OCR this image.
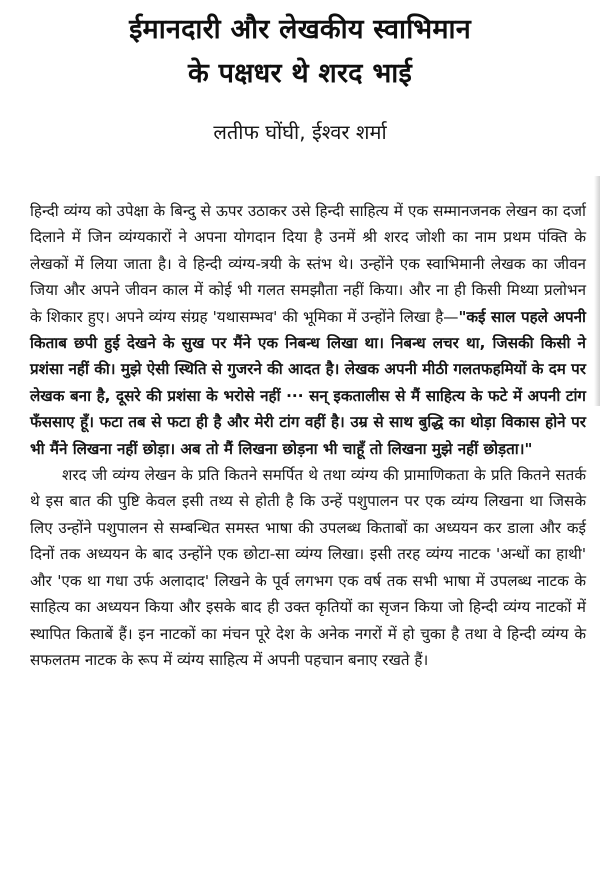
ईमानदारी और लेखकीय स्वाभिमान
के पक्षधर थे शरद भाई
लतीफ घोंघी, ईश्वर शर्मा

हिन्दी व्यंग्य को उपेक्षा के बिन्दु से ऊपर उठाकर उसे हिन्दी साहित्य में एक सम्मानजनक लेखन का दर्जा दिलाने में जिन व्यंग्यकारों ने अपना योगदान दिया है उनमें श्री शरद जोशी का नाम प्रथम पंक्ति के लेखकों में लिया जाता है। वे हिन्दी व्यंग्य-त्रयी के स्तंभ थे। उन्होंने एक स्वाभिमानी लेखक का जीवन जिया और अपने जीवन काल में कोई भी गलत समझौता नहीं किया। और ना ही किसी मिथ्या प्रलोभन के शिकार हुए। अपने व्यंग्य संग्रह 'यथासम्भव' की भूमिका में उन्होंने लिखा है—"कई साल पहले अपनी किताब छपी हुई देखने के सुख पर मैंने एक निबन्ध लिखा था। निबन्ध लचर था, जिसकी किसी ने प्रशंसा नहीं की। मुझे ऐसी स्थिति से गुजरने की आदत है। लेखक अपनी मीठी गलतफहमियों के दम पर लेखक बना है, दूसरे की प्रशंसा के भरोसे नहीं ··· सन् इकतालीस से मैं साहित्य के फटे में अपनी टांग फँससाए हूँ। फटा तब से फटा ही है और मेरी टांग वहीं है। उम्र से साथ बुद्धि का थोड़ा विकास होने पर भी मैंने लिखना नहीं छोड़ा। अब तो मैं लिखना छोड़ना भी चाहूँ तो लिखना मुझे नहीं छोड़ता।"

शरद जी व्यंग्य लेखन के प्रति कितने समर्पित थे तथा व्यंग्य की प्रामाणिकता के प्रति कितने सतर्क थे इस बात की पुष्टि केवल इसी तथ्य से होती है कि उन्हें पशुपालन पर एक व्यंग्य लिखना था जिसके लिए उन्होंने पशुपालन से सम्बन्धित समस्त भाषा की उपलब्ध किताबों का अध्ययन कर डाला और कई दिनों तक अध्ययन के बाद उन्होंने एक छोटा-सा व्यंग्य लिखा। इसी तरह व्यंग्य नाटक 'अन्धों का हाथी' और 'एक था गधा उर्फ अलादाद' लिखने के पूर्व लगभग एक वर्ष तक सभी भाषा में उपलब्ध नाटक के साहित्य का अध्ययन किया और इसके बाद ही उक्त कृतियों का सृजन किया जो हिन्दी व्यंग्य नाटकों में स्थापित किताबें हैं। इन नाटकों का मंचन पूरे देश के अनेक नगरों में हो चुका है तथा वे हिन्दी व्यंग्य के सफलतम नाटक के रूप में व्यंग्य साहित्य में अपनी पहचान बनाए रखते हैं।
